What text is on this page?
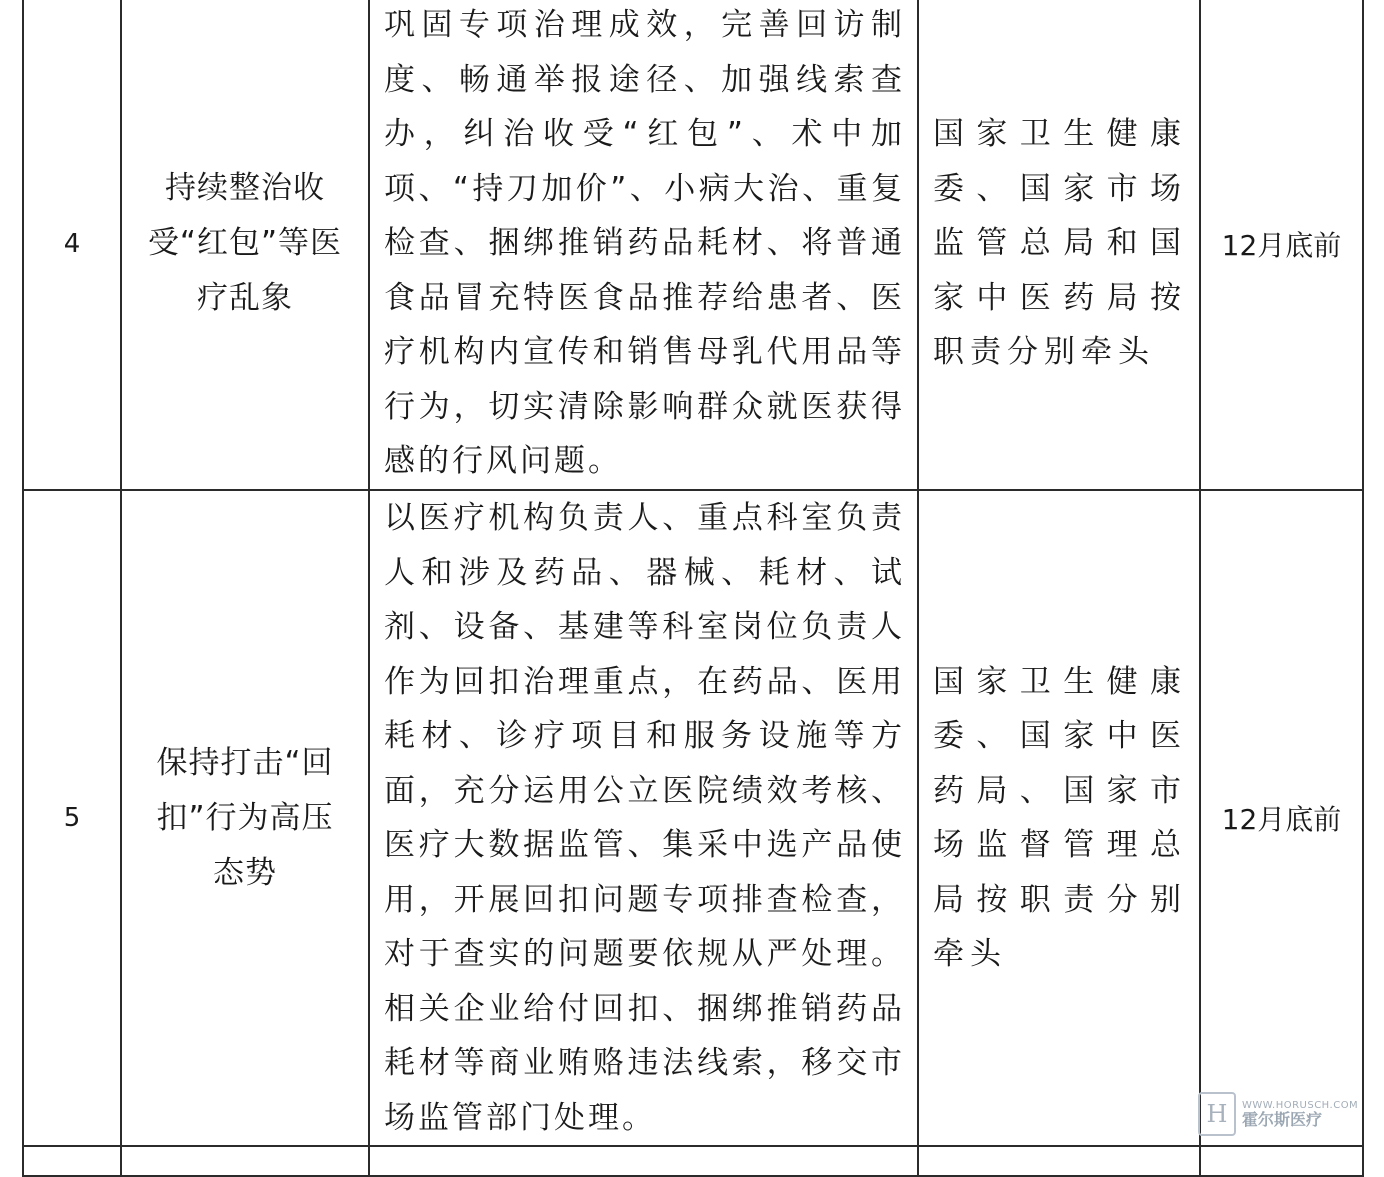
4	持续整治收受“红包”等医疗乱象	巩固专项治理成效，完善回访制度、畅通举报途径、加强线索查办，纠治收受“红包”、术中加项、“持刀加价”、小病大治、重复检查、捆绑推销药品耗材、将普通食品冒充特医食品推荐给患者、医疗机构内宣传和销售母乳代用品等行为，切实清除影响群众就医获得感的行风问题。	国家卫生健康委、国家市场监管总局和国家中医药局按职责分别牵头	12月底前
5	保持打击“回扣”行为高压态势	以医疗机构负责人、重点科室负责人和涉及药品、器械、耗材、试剂、设备、基建等科室岗位负责人作为回扣治理重点，在药品、医用耗材、诊疗项目和服务设施等方面，充分运用公立医院绩效考核、医疗大数据监管、集采中选产品使用，开展回扣问题专项排查检查，对于查实的问题要依规从严处理。相关企业给付回扣、捆绑推销药品耗材等商业贿赂违法线索，移交市场监管部门处理。	国家卫生健康委、国家中医药局、国家市场监督管理总局按职责分别牵头	12月底前

H	WWW.HORUSCH.COM
霍尔斯医疗
